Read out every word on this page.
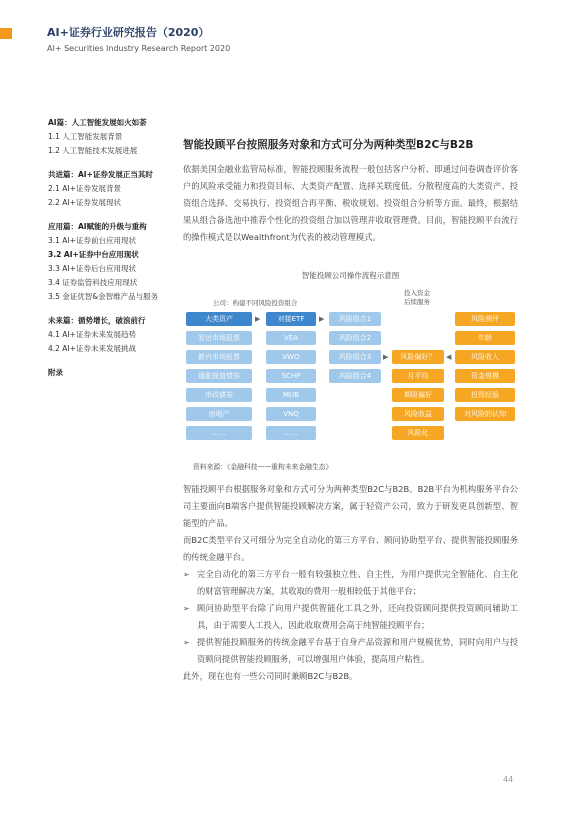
AI+证券行业研究报告（2020）
AI+ Securities Industry Research Report 2020
AI篇：人工智能发展如火如荼
1.1 人工智能发展背景
1.2 人工智能技术发展进展
共进篇：AI+证券发展正当其时
2.1 AI+证券发展背景
2.2 AI+证券发展现状
应用篇：AI赋能的升级与重构
3.1 AI+证券前台应用现状
3.2 AI+证券中台应用现状
3.3 AI+证券后台应用现状
3.4 证券监管科技应用现状
3.5 金证优智&金智维产品与服务
未来篇：循势增长，破浪前行
4.1 AI+证券未来发展趋势
4.2 AI+证券未来发展挑战
附录
智能投顾平台按照服务对象和方式可分为两种类型B2C与B2B

依据美国金融业监管局标准，智能投顾服务流程一般包括客户分析、即通过问卷调查评价客户的风险承受能力和投资目标、大类资产配置、选择关联度低、分散程度高的大类资产、投资组合选择、交易执行、投资组合再平衡、税收规划、投资组合分析等方面。最终，根据结果从组合备选池中推荐个性化的投资组合加以管理并收取管理费。目前，智能投顾平台流行的操作模式是以Wealthfront为代表的被动管理模式。

智能投顾公司操作流程示意图
公司：构建不同风险投资组合
投入资金
后续服务
大类资产
发达市场股票
新兴市场股票
通胀保值债券
市政债券
房地产
……
▶	对接ETF
VEA
VWO
SCHP
MUB
VNQ
……
▶	风险组合1
风险组合2
风险组合3
风险组合4
▶	风险偏好？
月平均
期限偏好
风险收益
风险化
◀
风险测评
年龄
风险收入
资金规模
投资经验
对风险的认知
资料来源：《金融科技——重构未来金融生态》

智能投顾平台根据服务对象和方式可分为两种类型B2C与B2B。B2B平台为机构服务平台公司主要面向B端客户提供智能投顾解决方案，属于轻资产公司，致力于研发更具创新型、智能型的产品。

而B2C类型平台又可细分为完全自动化的第三方平台、顾问协助型平台、提供智能投顾服务的传统金融平台。

➢ 完全自动化的第三方平台一般有较强独立性、自主性，为用户提供完全智能化、自主化的财富管理解决方案，其收取的费用一般相较低于其他平台；
➢ 顾问协助型平台除了向用户提供智能化工具之外，还向投资顾问提供投资顾问辅助工具，由于需要人工投入，因此收取费用会高于纯智能投顾平台；
➢ 提供智能投顾服务的传统金融平台基于自身产品资源和用户规模优势，同时向用户与投资顾问提供智能投顾服务，可以增强用户体验，提高用户粘性。

此外，现在也有一些公司同时兼顾B2C与B2B。

44
